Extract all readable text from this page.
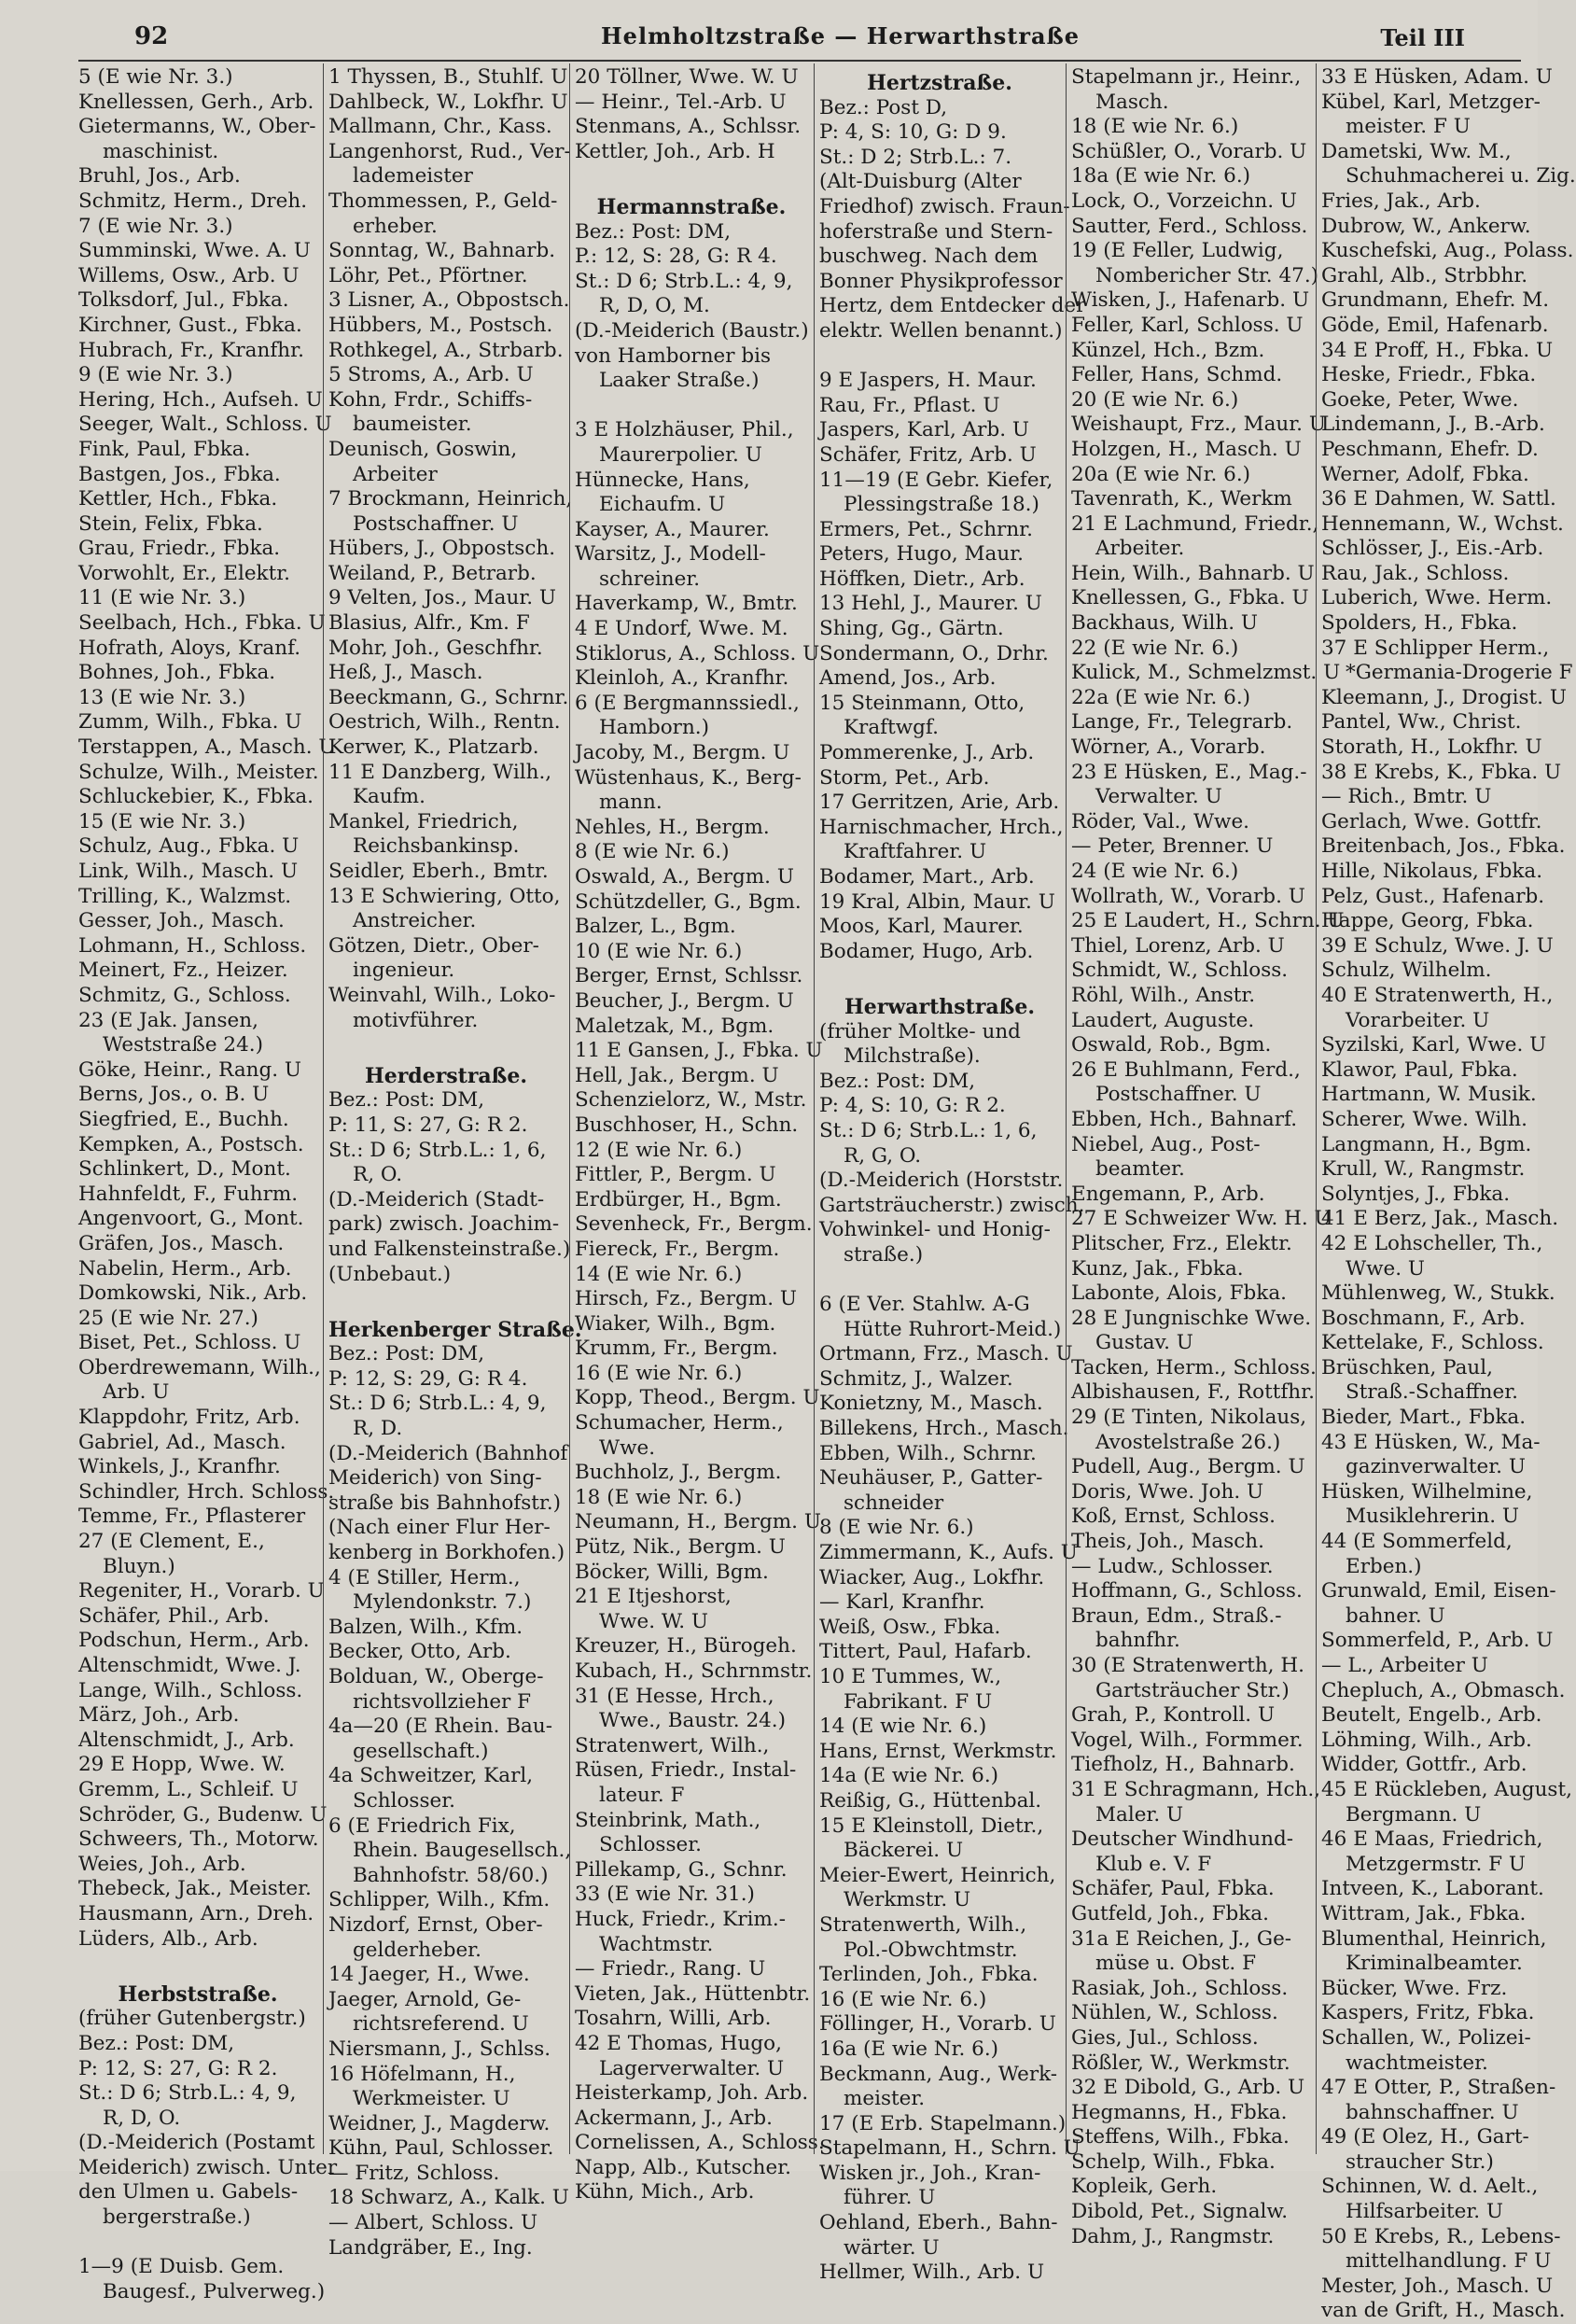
92	Helmholtzstraße — Herwarthstraße	Teil III
5 (E wie Nr. 3.)
Knellessen, Gerh., Arb.
Gietermanns, W., Ober-
maschinist.
Bruhl, Jos., Arb.
Schmitz, Herm., Dreh.
7 (E wie Nr. 3.)
Summinski, Wwe. A. U
Willems, Osw., Arb. U
Tolksdorf, Jul., Fbka.
Kirchner, Gust., Fbka.
Hubrach, Fr., Kranfhr.
9 (E wie Nr. 3.)
Hering, Hch., Aufseh. U
Seeger, Walt., Schloss. U
Fink, Paul, Fbka.
Bastgen, Jos., Fbka.
Kettler, Hch., Fbka.
Stein, Felix, Fbka.
Grau, Friedr., Fbka.
Vorwohlt, Er., Elektr.
11 (E wie Nr. 3.)
Seelbach, Hch., Fbka. U
Hofrath, Aloys, Kranf.
Bohnes, Joh., Fbka.
13 (E wie Nr. 3.)
Zumm, Wilh., Fbka. U
Terstappen, A., Masch. U
Schulze, Wilh., Meister.
Schluckebier, K., Fbka.
15 (E wie Nr. 3.)
Schulz, Aug., Fbka. U
Link, Wilh., Masch. U
Trilling, K., Walzmst.
Gesser, Joh., Masch.
Lohmann, H., Schloss.
Meinert, Fz., Heizer.
Schmitz, G., Schloss.
23 (E Jak. Jansen,
Weststraße 24.)
Göke, Heinr., Rang. U
Berns, Jos., o. B. U
Siegfried, E., Buchh.
Kempken, A., Postsch.
Schlinkert, D., Mont.
Hahnfeldt, F., Fuhrm.
Angenvoort, G., Mont.
Gräfen, Jos., Masch.
Nabelin, Herm., Arb.
Domkowski, Nik., Arb.
25 (E wie Nr. 27.)
Biset, Pet., Schloss. U
Oberdrewemann, Wilh.,
Arb. U
Klappdohr, Fritz, Arb.
Gabriel, Ad., Masch.
Winkels, J., Kranfhr.
Schindler, Hrch. Schloss.
Temme, Fr., Pflasterer
27 (E Clement, E.,
Bluyn.)
Regeniter, H., Vorarb. U
Schäfer, Phil., Arb.
Podschun, Herm., Arb.
Altenschmidt, Wwe. J.
Lange, Wilh., Schloss.
März, Joh., Arb.
Altenschmidt, J., Arb.
29 E Hopp, Wwe. W.
Gremm, L., Schleif. U
Schröder, G., Budenw. U
Schweers, Th., Motorw.
Weies, Joh., Arb.
Thebeck, Jak., Meister.
Hausmann, Arn., Dreh.
Lüders, Alb., Arb.

Herbststraße.
(früher Gutenbergstr.)
Bez.: Post: DM,
P: 12, S: 27, G: R 2.
St.: D 6; Strb.L.: 4, 9,
R, D, O.
(D.-Meiderich (Postamt
Meiderich) zwisch. Unter
den Ulmen u. Gabels-
bergerstraße.)

1—9 (E Duisb. Gem.
Baugesf., Pulverweg.)
1 Thyssen, B., Stuhlf. U
Dahlbeck, W., Lokfhr. U
Mallmann, Chr., Kass.
Langenhorst, Rud., Ver-
lademeister
Thommessen, P., Geld-
erheber.
Sonntag, W., Bahnarb.
Löhr, Pet., Pförtner.
3 Lisner, A., Obpostsch.
Hübbers, M., Postsch.
Rothkegel, A., Strbarb.
5 Stroms, A., Arb. U
Kohn, Frdr., Schiffs-
baumeister.
Deunisch, Goswin,
Arbeiter
7 Brockmann, Heinrich,
Postschaffner. U
Hübers, J., Obpostsch.
Weiland, P., Betrarb.
9 Velten, Jos., Maur. U
Blasius, Alfr., Km. F
Mohr, Joh., Geschfhr.
Heß, J., Masch.
Beeckmann, G., Schrnr.
Oestrich, Wilh., Rentn.
Kerwer, K., Platzarb.
11 E Danzberg, Wilh.,
Kaufm.
Mankel, Friedrich,
Reichsbankinsp.
Seidler, Eberh., Bmtr.
13 E Schwiering, Otto,
Anstreicher.
Götzen, Dietr., Ober-
ingenieur.
Weinvahl, Wilh., Loko-
motivführer.

Herderstraße.
Bez.: Post: DM,
P: 11, S: 27, G: R 2.
St.: D 6; Strb.L.: 1, 6,
R, O.
(D.-Meiderich (Stadt-
park) zwisch. Joachim-
und Falkensteinstraße.)
(Unbebaut.)

Herkenberger Straße.
Bez.: Post: DM,
P: 12, S: 29, G: R 4.
St.: D 6; Strb.L.: 4, 9,
R, D.
(D.-Meiderich (Bahnhof
Meiderich) von Sing-
straße bis Bahnhofstr.)
(Nach einer Flur Her-
kenberg in Borkhofen.)
4 (E Stiller, Herm.,
Mylendonkstr. 7.)
Balzen, Wilh., Kfm.
Becker, Otto, Arb.
Bolduan, W., Oberge-
richtsvollzieher F
4a—20 (E Rhein. Bau-
gesellschaft.)
4a Schweitzer, Karl,
Schlosser.
6 (E Friedrich Fix,
Rhein. Baugesellsch.,
Bahnhofstr. 58/60.)
Schlipper, Wilh., Kfm.
Nizdorf, Ernst, Ober-
gelderheber.
14 Jaeger, H., Wwe.
Jaeger, Arnold, Ge-
richtsreferend. U
Niersmann, J., Schlss.
16 Höfelmann, H.,
Werkmeister. U
Weidner, J., Magderw.
Kühn, Paul, Schlosser.
— Fritz, Schloss.
18 Schwarz, A., Kalk. U
— Albert, Schloss. U
Landgräber, E., Ing.
20 Töllner, Wwe. W. U
— Heinr., Tel.-Arb. U
Stenmans, A., Schlssr.
Kettler, Joh., Arb. H

Hermannstraße.
Bez.: Post: DM,
P.: 12, S: 28, G: R 4.
St.: D 6; Strb.L.: 4, 9,
R, D, O, M.
(D.-Meiderich (Baustr.)
von Hamborner bis
Laaker Straße.)

3 E Holzhäuser, Phil.,
Maurerpolier. U
Hünnecke, Hans,
Eichaufm. U
Kayser, A., Maurer.
Warsitz, J., Modell-
schreiner.
Haverkamp, W., Bmtr.
4 E Undorf, Wwe. M.
Stiklorus, A., Schloss. U
Kleinloh, A., Kranfhr.
6 (E Bergmannssiedl.,
Hamborn.)
Jacoby, M., Bergm. U
Wüstenhaus, K., Berg-
mann.
Nehles, H., Bergm.
8 (E wie Nr. 6.)
Oswald, A., Bergm. U
Schützdeller, G., Bgm.
Balzer, L., Bgm.
10 (E wie Nr. 6.)
Berger, Ernst, Schlssr.
Beucher, J., Bergm. U
Maletzak, M., Bgm.
11 E Gansen, J., Fbka. U
Hell, Jak., Bergm. U
Schenzielorz, W., Mstr.
Buschhoser, H., Schn.
12 (E wie Nr. 6.)
Fittler, P., Bergm. U
Erdbürger, H., Bgm.
Sevenheck, Fr., Bergm.
Fiereck, Fr., Bergm.
14 (E wie Nr. 6.)
Hirsch, Fz., Bergm. U
Wiaker, Wilh., Bgm.
Krumm, Fr., Bergm.
16 (E wie Nr. 6.)
Kopp, Theod., Bergm. U
Schumacher, Herm.,
Wwe.
Buchholz, J., Bergm.
18 (E wie Nr. 6.)
Neumann, H., Bergm. U
Pütz, Nik., Bergm. U
Böcker, Willi, Bgm.
21 E Itjeshorst,
Wwe. W. U
Kreuzer, H., Bürogeh.
Kubach, H., Schrnmstr.
31 (E Hesse, Hrch.,
Wwe., Baustr. 24.)
Stratenwert, Wilh.,
Rüsen, Friedr., Instal-
lateur. F
Steinbrink, Math.,
Schlosser.
Pillekamp, G., Schnr.
33 (E wie Nr. 31.)
Huck, Friedr., Krim.-
Wachtmstr.
— Friedr., Rang. U
Vieten, Jak., Hüttenbtr.
Tosahrn, Willi, Arb.
42 E Thomas, Hugo,
Lagerverwalter. U
Heisterkamp, Joh. Arb.
Ackermann, J., Arb.
Cornelissen, A., Schloss.
Napp, Alb., Kutscher.
Kühn, Mich., Arb.
Hertzstraße.
Bez.: Post D,
P: 4, S: 10, G: D 9.
St.: D 2; Strb.L.: 7.
(Alt-Duisburg (Alter
Friedhof) zwisch. Fraun-
hoferstraße und Stern-
buschweg. Nach dem
Bonner Physikprofessor
Hertz, dem Entdecker der
elektr. Wellen benannt.)

9 E Jaspers, H. Maur.
Rau, Fr., Pflast. U
Jaspers, Karl, Arb. U
Schäfer, Fritz, Arb. U
11—19 (E Gebr. Kiefer,
Plessingstraße 18.)
Ermers, Pet., Schrnr.
Peters, Hugo, Maur.
Höffken, Dietr., Arb.
13 Hehl, J., Maurer. U
Shing, Gg., Gärtn.
Sondermann, O., Drhr.
Amend, Jos., Arb.
15 Steinmann, Otto,
Kraftwgf.
Pommerenke, J., Arb.
Storm, Pet., Arb.
17 Gerritzen, Arie, Arb.
Harnischmacher, Hrch.,
Kraftfahrer. U
Bodamer, Mart., Arb.
19 Kral, Albin, Maur. U
Moos, Karl, Maurer.
Bodamer, Hugo, Arb.

Herwarthstraße.
(früher Moltke- und
Milchstraße).
Bez.: Post: DM,
P: 4, S: 10, G: R 2.
St.: D 6; Strb.L.: 1, 6,
R, G, O.
(D.-Meiderich (Horststr.
Gartsträucherstr.) zwisch.
Vohwinkel- und Honig-
straße.)

6 (E Ver. Stahlw. A-G
Hütte Ruhrort-Meid.)
Ortmann, Frz., Masch. U
Schmitz, J., Walzer.
Konietzny, M., Masch.
Billekens, Hrch., Masch.
Ebben, Wilh., Schrnr.
Neuhäuser, P., Gatter-
schneider
8 (E wie Nr. 6.)
Zimmermann, K., Aufs. U
Wiacker, Aug., Lokfhr.
— Karl, Kranfhr.
Weiß, Osw., Fbka.
Tittert, Paul, Hafarb.
10 E Tummes, W.,
Fabrikant. F U
14 (E wie Nr. 6.)
Hans, Ernst, Werkmstr.
14a (E wie Nr. 6.)
Reißig, G., Hüttenbal.
15 E Kleinstoll, Dietr.,
Bäckerei. U
Meier-Ewert, Heinrich,
Werkmstr. U
Stratenwerth, Wilh.,
Pol.-Obwchtmstr.
Terlinden, Joh., Fbka.
16 (E wie Nr. 6.)
Föllinger, H., Vorarb. U
16a (E wie Nr. 6.)
Beckmann, Aug., Werk-
meister.
17 (E Erb. Stapelmann.)
Stapelmann, H., Schrn. U
Wisken jr., Joh., Kran-
führer. U
Oehland, Eberh., Bahn-
wärter. U
Hellmer, Wilh., Arb. U
Stapelmann jr., Heinr.,
Masch.
18 (E wie Nr. 6.)
Schüßler, O., Vorarb. U
18a (E wie Nr. 6.)
Lock, O., Vorzeichn. U
Sautter, Ferd., Schloss.
19 (E Feller, Ludwig,
Nombericher Str. 47.)
Wisken, J., Hafenarb. U
Feller, Karl, Schloss. U
Künzel, Hch., Bzm.
Feller, Hans, Schmd.
20 (E wie Nr. 6.)
Weishaupt, Frz., Maur. U
Holzgen, H., Masch. U
20a (E wie Nr. 6.)
Tavenrath, K., Werkm
21 E Lachmund, Friedr.,
Arbeiter.
Hein, Wilh., Bahnarb. U
Knellessen, G., Fbka. U
Backhaus, Wilh. U
22 (E wie Nr. 6.)
Kulick, M., Schmelzmst. U
22a (E wie Nr. 6.)
Lange, Fr., Telegrarb.
Wörner, A., Vorarb.
23 E Hüsken, E., Mag.-
Verwalter. U
Röder, Val., Wwe.
— Peter, Brenner. U
24 (E wie Nr. 6.)
Wollrath, W., Vorarb. U
25 E Laudert, H., Schrn. U
Thiel, Lorenz, Arb. U
Schmidt, W., Schloss.
Röhl, Wilh., Anstr.
Laudert, Auguste.
Oswald, Rob., Bgm.
26 E Buhlmann, Ferd.,
Postschaffner. U
Ebben, Hch., Bahnarf.
Niebel, Aug., Post-
beamter.
Engemann, P., Arb.
27 E Schweizer Ww. H. U
Plitscher, Frz., Elektr.
Kunz, Jak., Fbka.
Labonte, Alois, Fbka.
28 E Jungnischke Wwe.
Gustav. U
Tacken, Herm., Schloss.
Albishausen, F., Rottfhr.
29 (E Tinten, Nikolaus,
Avostelstraße 26.)
Pudell, Aug., Bergm. U
Doris, Wwe. Joh. U
Koß, Ernst, Schloss.
Theis, Joh., Masch.
— Ludw., Schlosser.
Hoffmann, G., Schloss.
Braun, Edm., Straß.-
bahnfhr.
30 (E Stratenwerth, H.
Gartsträucher Str.)
Grah, P., Kontroll. U
Vogel, Wilh., Formmer.
Tiefholz, H., Bahnarb.
31 E Schragmann, Hch.,
Maler. U
Deutscher Windhund-
Klub e. V. F
Schäfer, Paul, Fbka.
Gutfeld, Joh., Fbka.
31a E Reichen, J., Ge-
müse u. Obst. F
Rasiak, Joh., Schloss.
Nühlen, W., Schloss.
Gies, Jul., Schloss.
Rößler, W., Werkmstr.
32 E Dibold, G., Arb. U
Hegmanns, H., Fbka.
Steffens, Wilh., Fbka.
Schelp, Wilh., Fbka.
Kopleik, Gerh.
Dibold, Pet., Signalw.
Dahm, J., Rangmstr.
33 E Hüsken, Adam. U
Kübel, Karl, Metzger-
meister. F U
Dametski, Ww. M.,
Schuhmacherei u. Zig.
Fries, Jak., Arb.
Dubrow, W., Ankerw.
Kuschefski, Aug., Polass.
Grahl, Alb., Strbbhr.
Grundmann, Ehefr. M.
Göde, Emil, Hafenarb.
34 E Proff, H., Fbka. U
Heske, Friedr., Fbka.
Goeke, Peter, Wwe.
Lindemann, J., B.-Arb.
Peschmann, Ehefr. D.
Werner, Adolf, Fbka.
36 E Dahmen, W. Sattl.
Hennemann, W., Wchst.
Schlösser, J., Eis.-Arb.
Rau, Jak., Schloss.
Luberich, Wwe. Herm.
Spolders, H., Fbka.
37 E Schlipper Herm.,
*Germania-Drogerie F
Kleemann, J., Drogist. U
Pantel, Ww., Christ.
Storath, H., Lokfhr. U
38 E Krebs, K., Fbka. U
— Rich., Bmtr. U
Gerlach, Wwe. Gottfr.
Breitenbach, Jos., Fbka.
Hille, Nikolaus, Fbka.
Pelz, Gust., Hafenarb.
Happe, Georg, Fbka.
39 E Schulz, Wwe. J. U
Schulz, Wilhelm.
40 E Stratenwerth, H.,
Vorarbeiter. U
Syzilski, Karl, Wwe. U
Klawor, Paul, Fbka.
Hartmann, W. Musik.
Scherer, Wwe. Wilh.
Langmann, H., Bgm.
Krull, W., Rangmstr.
Solyntjes, J., Fbka.
41 E Berz, Jak., Masch.
42 E Lohscheller, Th.,
Wwe. U
Mühlenweg, W., Stukk.
Boschmann, F., Arb.
Kettelake, F., Schloss.
Brüschken, Paul,
Straß.-Schaffner.
Bieder, Mart., Fbka.
43 E Hüsken, W., Ma-
gazinverwalter. U
Hüsken, Wilhelmine,
Musiklehrerin. U
44 (E Sommerfeld,
Erben.)
Grunwald, Emil, Eisen-
bahner. U
Sommerfeld, P., Arb. U
— L., Arbeiter U
Chepluch, A., Obmasch.
Beutelt, Engelb., Arb.
Löhming, Wilh., Arb.
Widder, Gottfr., Arb.
45 E Rückleben, August,
Bergmann. U
46 E Maas, Friedrich,
Metzgermstr. F U
Intveen, K., Laborant.
Wittram, Jak., Fbka.
Blumenthal, Heinrich,
Kriminalbeamter.
Bücker, Wwe. Frz.
Kaspers, Fritz, Fbka.
Schallen, W., Polizei-
wachtmeister.
47 E Otter, P., Straßen-
bahnschaffner. U
49 (E Olez, H., Gart-
straucher Str.)
Schinnen, W. d. Aelt.,
Hilfsarbeiter. U
50 E Krebs, R., Lebens-
mittelhandlung. F U
Mester, Joh., Masch. U
van de Grift, H., Masch.
